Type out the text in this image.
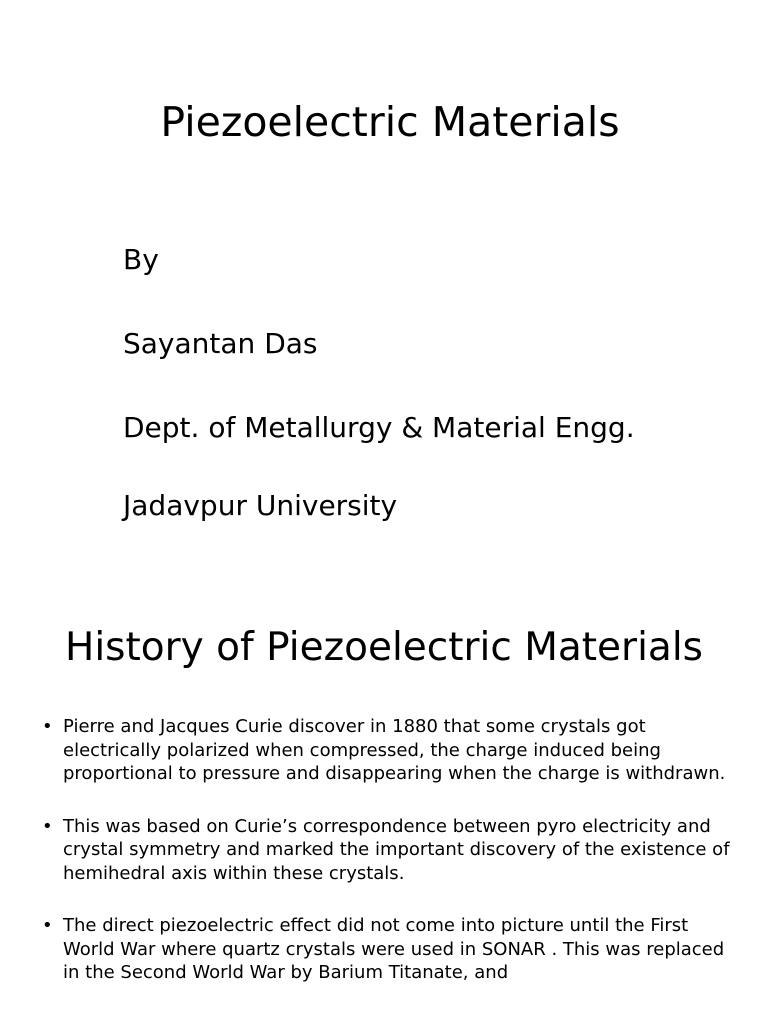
Piezoelectric Materials

By

Sayantan Das

Dept. of Metallurgy & Material Engg.

Jadavpur University

History of Piezoelectric Materials
• Pierre and Jacques Curie discover in 1880 that some crystals got electrically polarized when compressed, the charge induced being proportional to pressure and disappearing when the charge is withdrawn.
• This was based on Curie’s correspondence between pyro electricity and crystal symmetry and marked the important discovery of the existence of hemihedral axis within these crystals.
• The direct piezoelectric effect did not come into picture until the First World War where quartz crystals were used in SONAR . This was replaced in the Second World War by Barium Titanate, and
